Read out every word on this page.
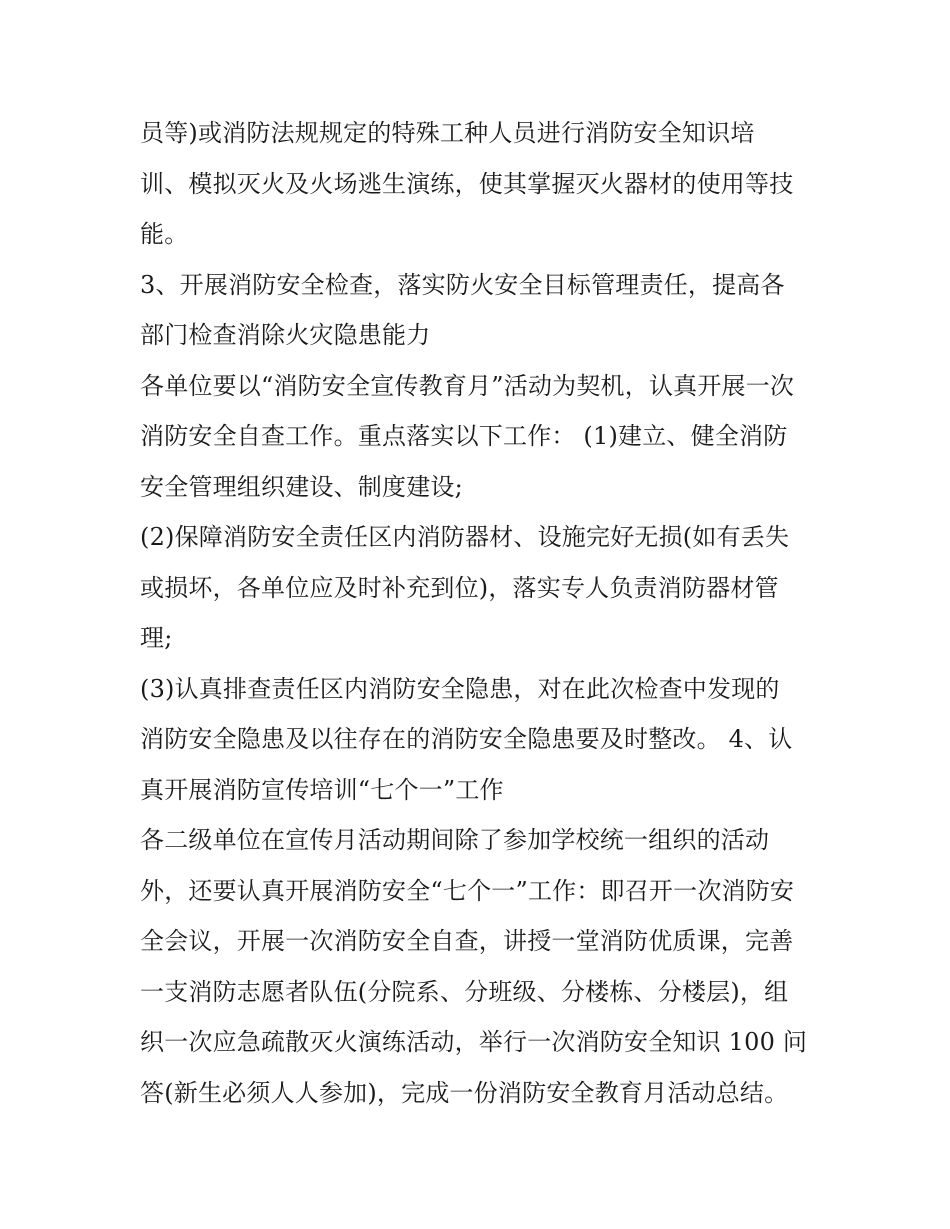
员等)或消防法规规定的特殊工种人员进行消防安全知识培
训、模拟灭火及火场逃生演练，使其掌握灭火器材的使用等技
能。
3、开展消防安全检查，落实防火安全目标管理责任，提高各
部门检查消除火灾隐患能力
各单位要以“消防安全宣传教育月”活动为契机，认真开展一次
消防安全自查工作。重点落实以下工作： (1)建立、健全消防
安全管理组织建设、制度建设;
(2)保障消防安全责任区内消防器材、设施完好无损(如有丢失
或损坏，各单位应及时补充到位)，落实专人负责消防器材管
理;
(3)认真排查责任区内消防安全隐患，对在此次检查中发现的
消防安全隐患及以往存在的消防安全隐患要及时整改。 4、认
真开展消防宣传培训“七个一”工作
各二级单位在宣传月活动期间除了参加学校统一组织的活动
外，还要认真开展消防安全“七个一”工作：即召开一次消防安
全会议，开展一次消防安全自查，讲授一堂消防优质课，完善
一支消防志愿者队伍(分院系、分班级、分楼栋、分楼层)，组
织一次应急疏散灭火演练活动，举行一次消防安全知识 100 问
答(新生必须人人参加)，完成一份消防安全教育月活动总结。
